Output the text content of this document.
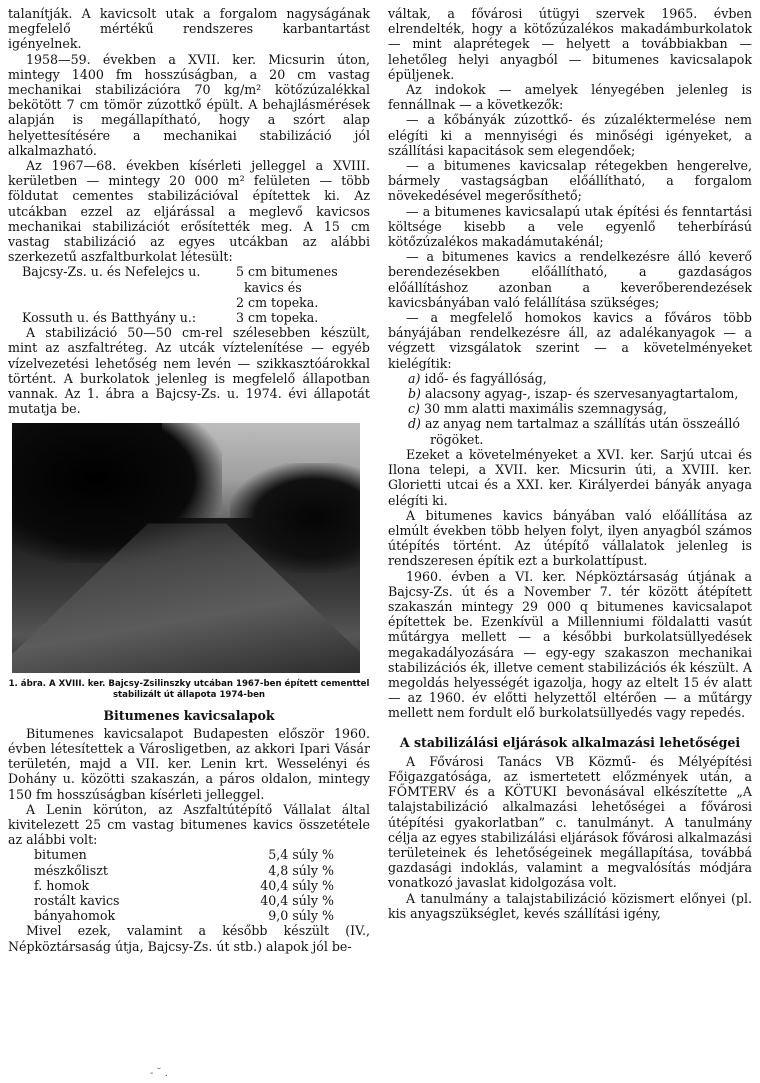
talanítják. A kavicsolt utak a forgalom nagyságának megfelelő mértékű rendszeres karbantartást igényelnek.

1958—59. években a XVII. ker. Micsurin úton, mintegy 1400 fm hosszúságban, a 20 cm vastag mechanikai stabilizációra 70 kg/m² kötőzúzalékkal bekötött 7 cm tömör zúzottkő épült. A behajlásmérések alapján is megállapítható, hogy a szórt alap helyettesítésére a mechanikai stabilizáció jól alkalmazható.

Az 1967—68. években kísérleti jelleggel a XVIII. kerületben — mintegy 20 000 m² felületen — több földutat cementes stabilizációval építettek ki. Az utcákban ezzel az eljárással a meglevő kavicsos mechanikai stabilizációt erősítették meg. A 15 cm vastag stabilizáció az egyes utcákban az alábbi szerkezetű aszfaltburkolat létesült:

Bajcsy-Zs. u. és Nefelejcs u.	5 cm bitumenes
	kavics és
	2 cm topeka.
Kossuth u. és Batthyány u.:	3 cm topeka.

A stabilizáció 50—50 cm-rel szélesebben készült, mint az aszfaltréteg. Az utcák víztelenítése — egyéb vízelvezetési lehetőség nem levén — szikkasztóárokkal történt. A burkolatok jelenleg is megfelelő állapotban vannak. Az 1. ábra a Bajcsy-Zs. u. 1974. évi állapotát mutatja be.

1. ábra. A XVIII. ker. Bajcsy-Zsilinszky utcában 1967-ben épített cementtel stabilizált út állapota 1974-ben
Bitumenes kavicsalapok

Bitumenes kavicsalapot Budapesten először 1960. évben létesítettek a Városligetben, az akkori Ipari Vásár területén, majd a VII. ker. Lenin krt. Wesselényi és Dohány u. közötti szakaszán, a páros oldalon, mintegy 150 fm hosszúságban kísérleti jelleggel.

A Lenin körúton, az Aszfaltútépítő Vállalat által kivitelezett 25 cm vastag bitumenes kavics összetétele az alábbi volt:

bitumen	5,4 súly %
mészkőliszt	4,8 súly %
f. homok	40,4 súly %
rostált kavics	40,4 súly %
bányahomok	9,0 súly %

Mivel ezek, valamint a később készült (IV., Népköztársaság útja, Bajcsy-Zs. út stb.) alapok jól be-

váltak, a fővárosi útügyi szervek 1965. évben elrendelték, hogy a kötőzúzalékos makadámburkolatok — mint alaprétegek — helyett a továbbiakban — lehetőleg helyi anyagból — bitumenes kavicsalapok épüljenek.

Az indokok — amelyek lényegében jelenleg is fennállnak — a következők:

— a kőbányák zúzottkő- és zúzaléktermelése nem elégíti ki a mennyiségi és minőségi igényeket, a szállítási kapacitások sem elegendőek;

— a bitumenes kavicsalap rétegekben hengerelve, bármely vastagságban előállítható, a forgalom növekedésével megerősíthető;

— a bitumenes kavicsalapú utak építési és fenntartási költsége kisebb a vele egyenlő teherbírású kötőzúzalékos makadámutakénál;

— a bitumenes kavics a rendelkezésre álló keverő berendezésekben előállítható, a gazdaságos előállításhoz azonban a keverőberendezések kavicsbányában való felállítása szükséges;

— a megfelelő homokos kavics a főváros több bányájában rendelkezésre áll, az adalékanyagok — a végzett vizsgálatok szerint — a követelményeket kielégítik:

a) idő- és fagyállóság,
b) alacsony agyag-, iszap- és szervesanyagtartalom,
c) 30 mm alatti maximális szemnagyság,
d) az anyag nem tartalmaz a szállítás után összeálló rögöket.

Ezeket a követelményeket a XVI. ker. Sarjú utcai és Ilona telepi, a XVII. ker. Micsurin úti, a XVIII. ker. Glorietti utcai és a XXI. ker. Királyerdei bányák anyaga elégíti ki.

A bitumenes kavics bányában való előállítása az elmúlt években több helyen folyt, ilyen anyagból számos útépítés történt. Az útépítő vállalatok jelenleg is rendszeresen építik ezt a burkolattípust.

1960. évben a VI. ker. Népköztársaság útjának a Bajcsy-Zs. út és a November 7. tér között átépített szakaszán mintegy 29 000 q bitumenes kavicsalapot építettek be. Ezenkívül a Millenniumi földalatti vasút műtárgya mellett — a későbbi burkolatsüllyedések megakadályozására — egy-egy szakaszon mechanikai stabilizációs ék, illetve cement stabilizációs ék készült. A megoldás helyességét igazolja, hogy az eltelt 15 év alatt — az 1960. év előtti helyzettől eltérően — a műtárgy mellett nem fordult elő burkolatsüllyedés vagy repedés.

A stabilizálási eljárások alkalmazási lehetőségei

A Fővárosi Tanács VB Közmű- és Mélyépítési Főigazgatósága, az ismertetett előzmények után, a FŐMTERV és a KÖTUKI bevonásával elkészítette „A talajstabilizáció alkalmazási lehetőségei a fővárosi útépítési gyakorlatban” c. tanulmányt. A tanulmány célja az egyes stabilizálási eljárások fővárosi alkalmazási területeinek és lehetőségeinek megállapítása, továbbá gazdasági indoklás, valamint a megvalósítás módjára vonatkozó javaslat kidolgozása volt.

A tanulmány a talajstabilizáció közismert előnyei (pl. kis anyagszükséglet, kevés szállítási igény,

- ˘ .
